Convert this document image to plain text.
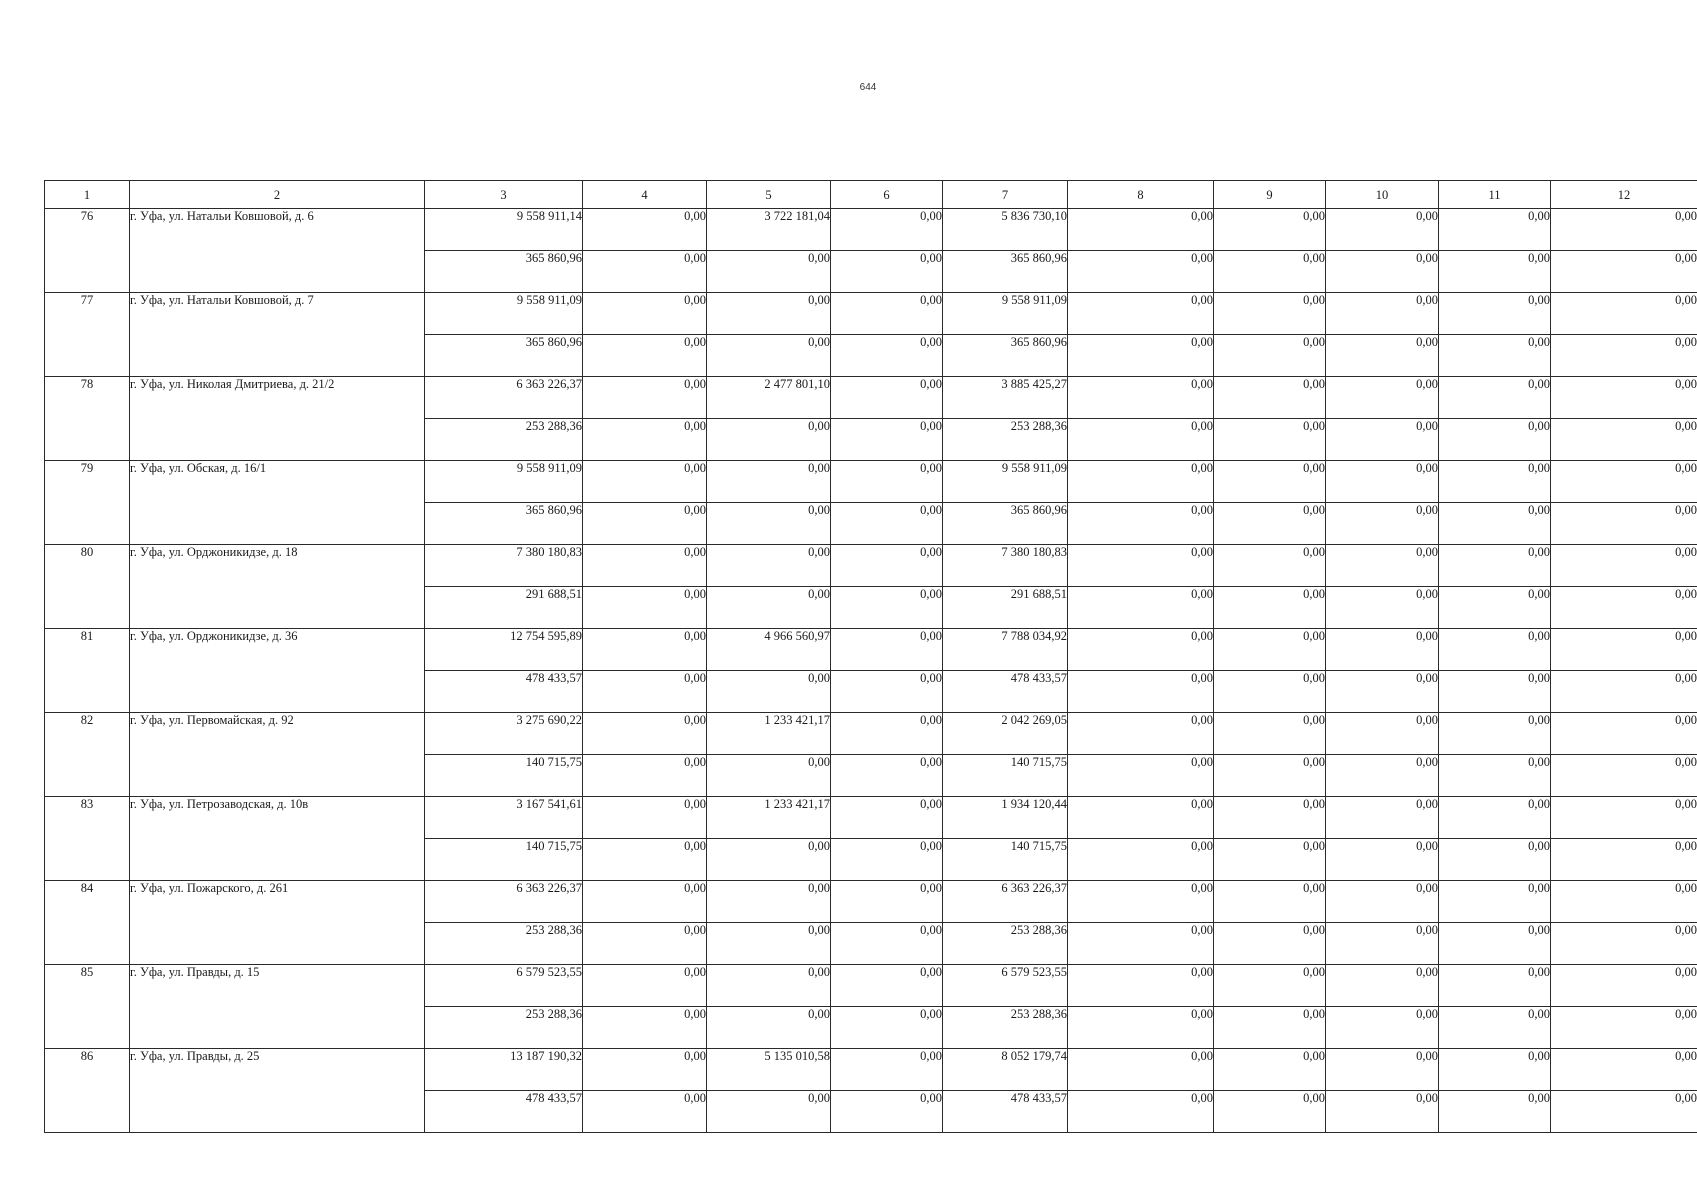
644
1	2	3	4	5	6	7	8	9	10	11	12
76	г. Уфа, ул. Натальи Ковшовой, д. 6	9 558 911,14	0,00	3 722 181,04	0,00	5 836 730,10	0,00	0,00	0,00	0,00	0,00
		365 860,96	0,00	0,00	0,00	365 860,96	0,00	0,00	0,00	0,00	0,00
77	г. Уфа, ул. Натальи Ковшовой, д. 7	9 558 911,09	0,00	0,00	0,00	9 558 911,09	0,00	0,00	0,00	0,00	0,00
		365 860,96	0,00	0,00	0,00	365 860,96	0,00	0,00	0,00	0,00	0,00
78	г. Уфа, ул. Николая Дмитриева, д. 21/2	6 363 226,37	0,00	2 477 801,10	0,00	3 885 425,27	0,00	0,00	0,00	0,00	0,00
		253 288,36	0,00	0,00	0,00	253 288,36	0,00	0,00	0,00	0,00	0,00
79	г. Уфа, ул. Обская, д. 16/1	9 558 911,09	0,00	0,00	0,00	9 558 911,09	0,00	0,00	0,00	0,00	0,00
		365 860,96	0,00	0,00	0,00	365 860,96	0,00	0,00	0,00	0,00	0,00
80	г. Уфа, ул. Орджоникидзе, д. 18	7 380 180,83	0,00	0,00	0,00	7 380 180,83	0,00	0,00	0,00	0,00	0,00
		291 688,51	0,00	0,00	0,00	291 688,51	0,00	0,00	0,00	0,00	0,00
81	г. Уфа, ул. Орджоникидзе, д. 36	12 754 595,89	0,00	4 966 560,97	0,00	7 788 034,92	0,00	0,00	0,00	0,00	0,00
		478 433,57	0,00	0,00	0,00	478 433,57	0,00	0,00	0,00	0,00	0,00
82	г. Уфа, ул. Первомайская, д. 92	3 275 690,22	0,00	1 233 421,17	0,00	2 042 269,05	0,00	0,00	0,00	0,00	0,00
		140 715,75	0,00	0,00	0,00	140 715,75	0,00	0,00	0,00	0,00	0,00
83	г. Уфа, ул. Петрозаводская, д. 10в	3 167 541,61	0,00	1 233 421,17	0,00	1 934 120,44	0,00	0,00	0,00	0,00	0,00
		140 715,75	0,00	0,00	0,00	140 715,75	0,00	0,00	0,00	0,00	0,00
84	г. Уфа, ул. Пожарского, д. 261	6 363 226,37	0,00	0,00	0,00	6 363 226,37	0,00	0,00	0,00	0,00	0,00
		253 288,36	0,00	0,00	0,00	253 288,36	0,00	0,00	0,00	0,00	0,00
85	г. Уфа, ул. Правды, д. 15	6 579 523,55	0,00	0,00	0,00	6 579 523,55	0,00	0,00	0,00	0,00	0,00
		253 288,36	0,00	0,00	0,00	253 288,36	0,00	0,00	0,00	0,00	0,00
86	г. Уфа, ул. Правды, д. 25	13 187 190,32	0,00	5 135 010,58	0,00	8 052 179,74	0,00	0,00	0,00	0,00	0,00
		478 433,57	0,00	0,00	0,00	478 433,57	0,00	0,00	0,00	0,00	0,00
